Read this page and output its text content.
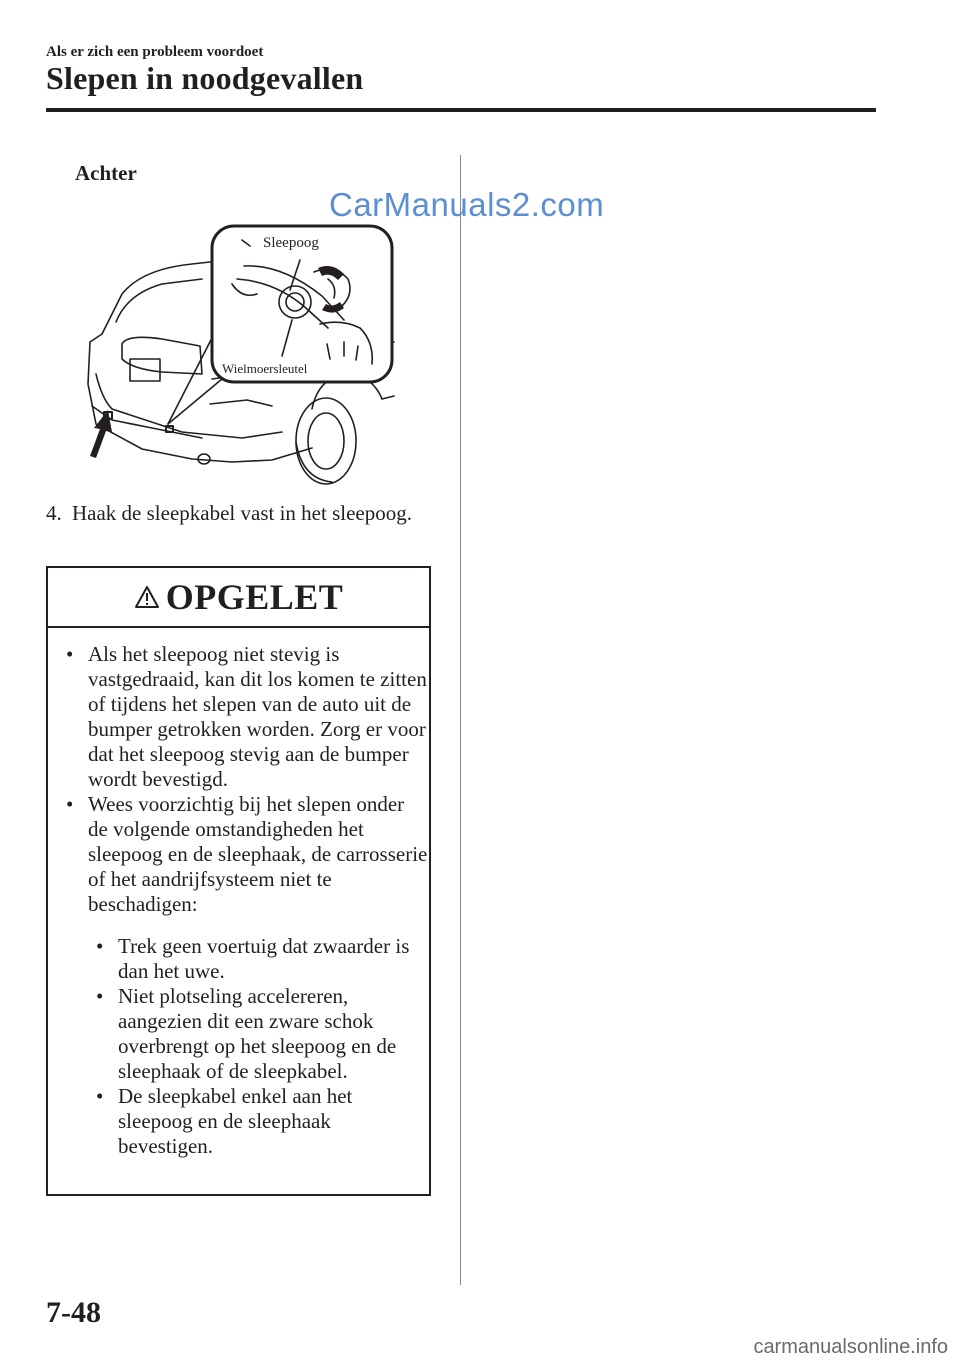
Als er zich een probleem voordoet
Slepen in noodgevallen
Achter
CarManuals2.com
Sleepoog
Wielmoersleutel
4. Haak de sleepkabel vast in het sleepoog.
OPGELET

• Als het sleepoog niet stevig is vastgedraaid, kan dit los komen te zitten of tijdens het slepen van de auto uit de bumper getrokken worden. Zorg er voor dat het sleepoog stevig aan de bumper wordt bevestigd.

• Wees voorzichtig bij het slepen onder de volgende omstandigheden het sleepoog en de sleephaak, de carrosserie of het aandrijfsysteem niet te beschadigen:

• Trek geen voertuig dat zwaarder is dan het uwe.

• Niet plotseling accelereren, aangezien dit een zware schok overbrengt op het sleepoog en de sleephaak of de sleepkabel.

• De sleepkabel enkel aan het sleepoog en de sleephaak bevestigen.

7-48
carmanualsonline.info
